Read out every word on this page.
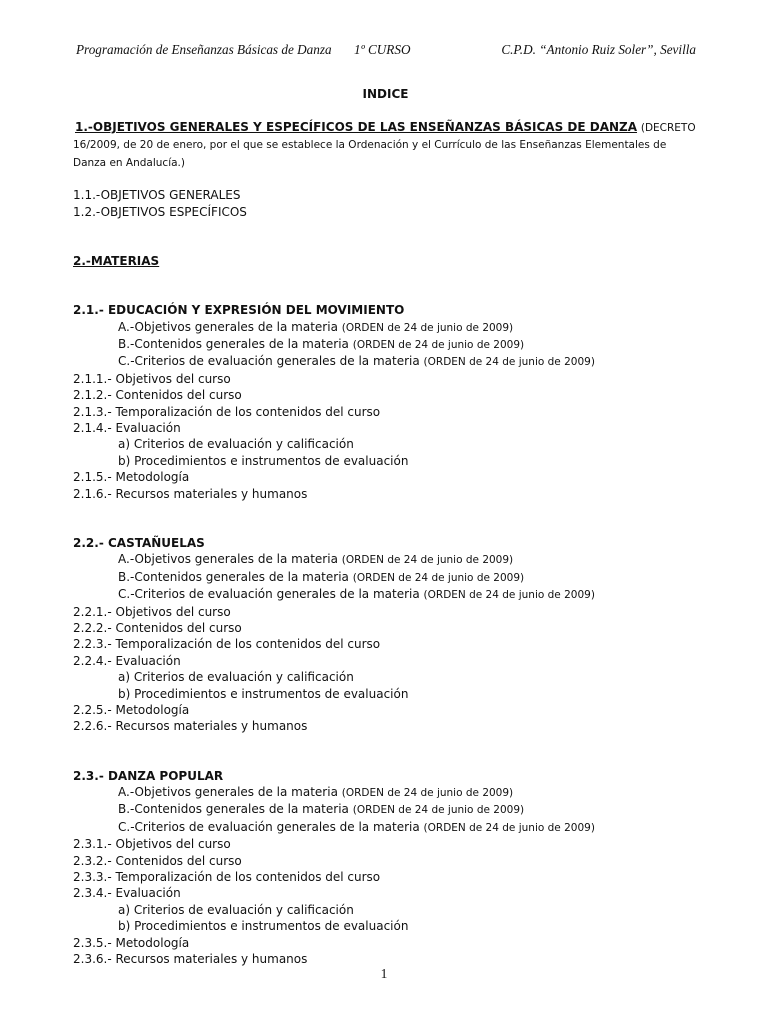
Programación de Enseñanzas Básicas de Danza 1º CURSO	C.P.D. “Antonio Ruiz Soler”, Sevilla
INDICE
1.-OBJETIVOS GENERALES Y ESPECÍFICOS DE LAS ENSEÑANZAS BÁSICAS DE DANZA (DECRETO 16/2009, de 20 de enero, por el que se establece la Ordenación y el Currículo de las Enseñanzas Elementales de Danza en Andalucía.)
1.1.-OBJETIVOS GENERALES
1.2.-OBJETIVOS ESPECÍFICOS
2.-MATERIAS
2.1.- EDUCACIÓN Y EXPRESIÓN DEL MOVIMIENTO
A.-Objetivos generales de la materia (ORDEN de 24 de junio de 2009)
B.-Contenidos generales de la materia (ORDEN de 24 de junio de 2009)
C.-Criterios de evaluación generales de la materia (ORDEN de 24 de junio de 2009)
2.1.1.- Objetivos del curso
2.1.2.- Contenidos del curso
2.1.3.- Temporalización de los contenidos del curso
2.1.4.- Evaluación
a) Criterios de evaluación y calificación
b) Procedimientos e instrumentos de evaluación
2.1.5.- Metodología
2.1.6.- Recursos materiales y humanos
2.2.- CASTAÑUELAS
A.-Objetivos generales de la materia (ORDEN de 24 de junio de 2009)
B.-Contenidos generales de la materia (ORDEN de 24 de junio de 2009)
C.-Criterios de evaluación generales de la materia (ORDEN de 24 de junio de 2009)
2.2.1.- Objetivos del curso
2.2.2.- Contenidos del curso
2.2.3.- Temporalización de los contenidos del curso
2.2.4.- Evaluación
a) Criterios de evaluación y calificación
b) Procedimientos e instrumentos de evaluación
2.2.5.- Metodología
2.2.6.- Recursos materiales y humanos
2.3.- DANZA POPULAR
A.-Objetivos generales de la materia (ORDEN de 24 de junio de 2009)
B.-Contenidos generales de la materia (ORDEN de 24 de junio de 2009)
C.-Criterios de evaluación generales de la materia (ORDEN de 24 de junio de 2009)
2.3.1.- Objetivos del curso
2.3.2.- Contenidos del curso
2.3.3.- Temporalización de los contenidos del curso
2.3.4.- Evaluación
a) Criterios de evaluación y calificación
b) Procedimientos e instrumentos de evaluación
2.3.5.- Metodología
2.3.6.- Recursos materiales y humanos
1
